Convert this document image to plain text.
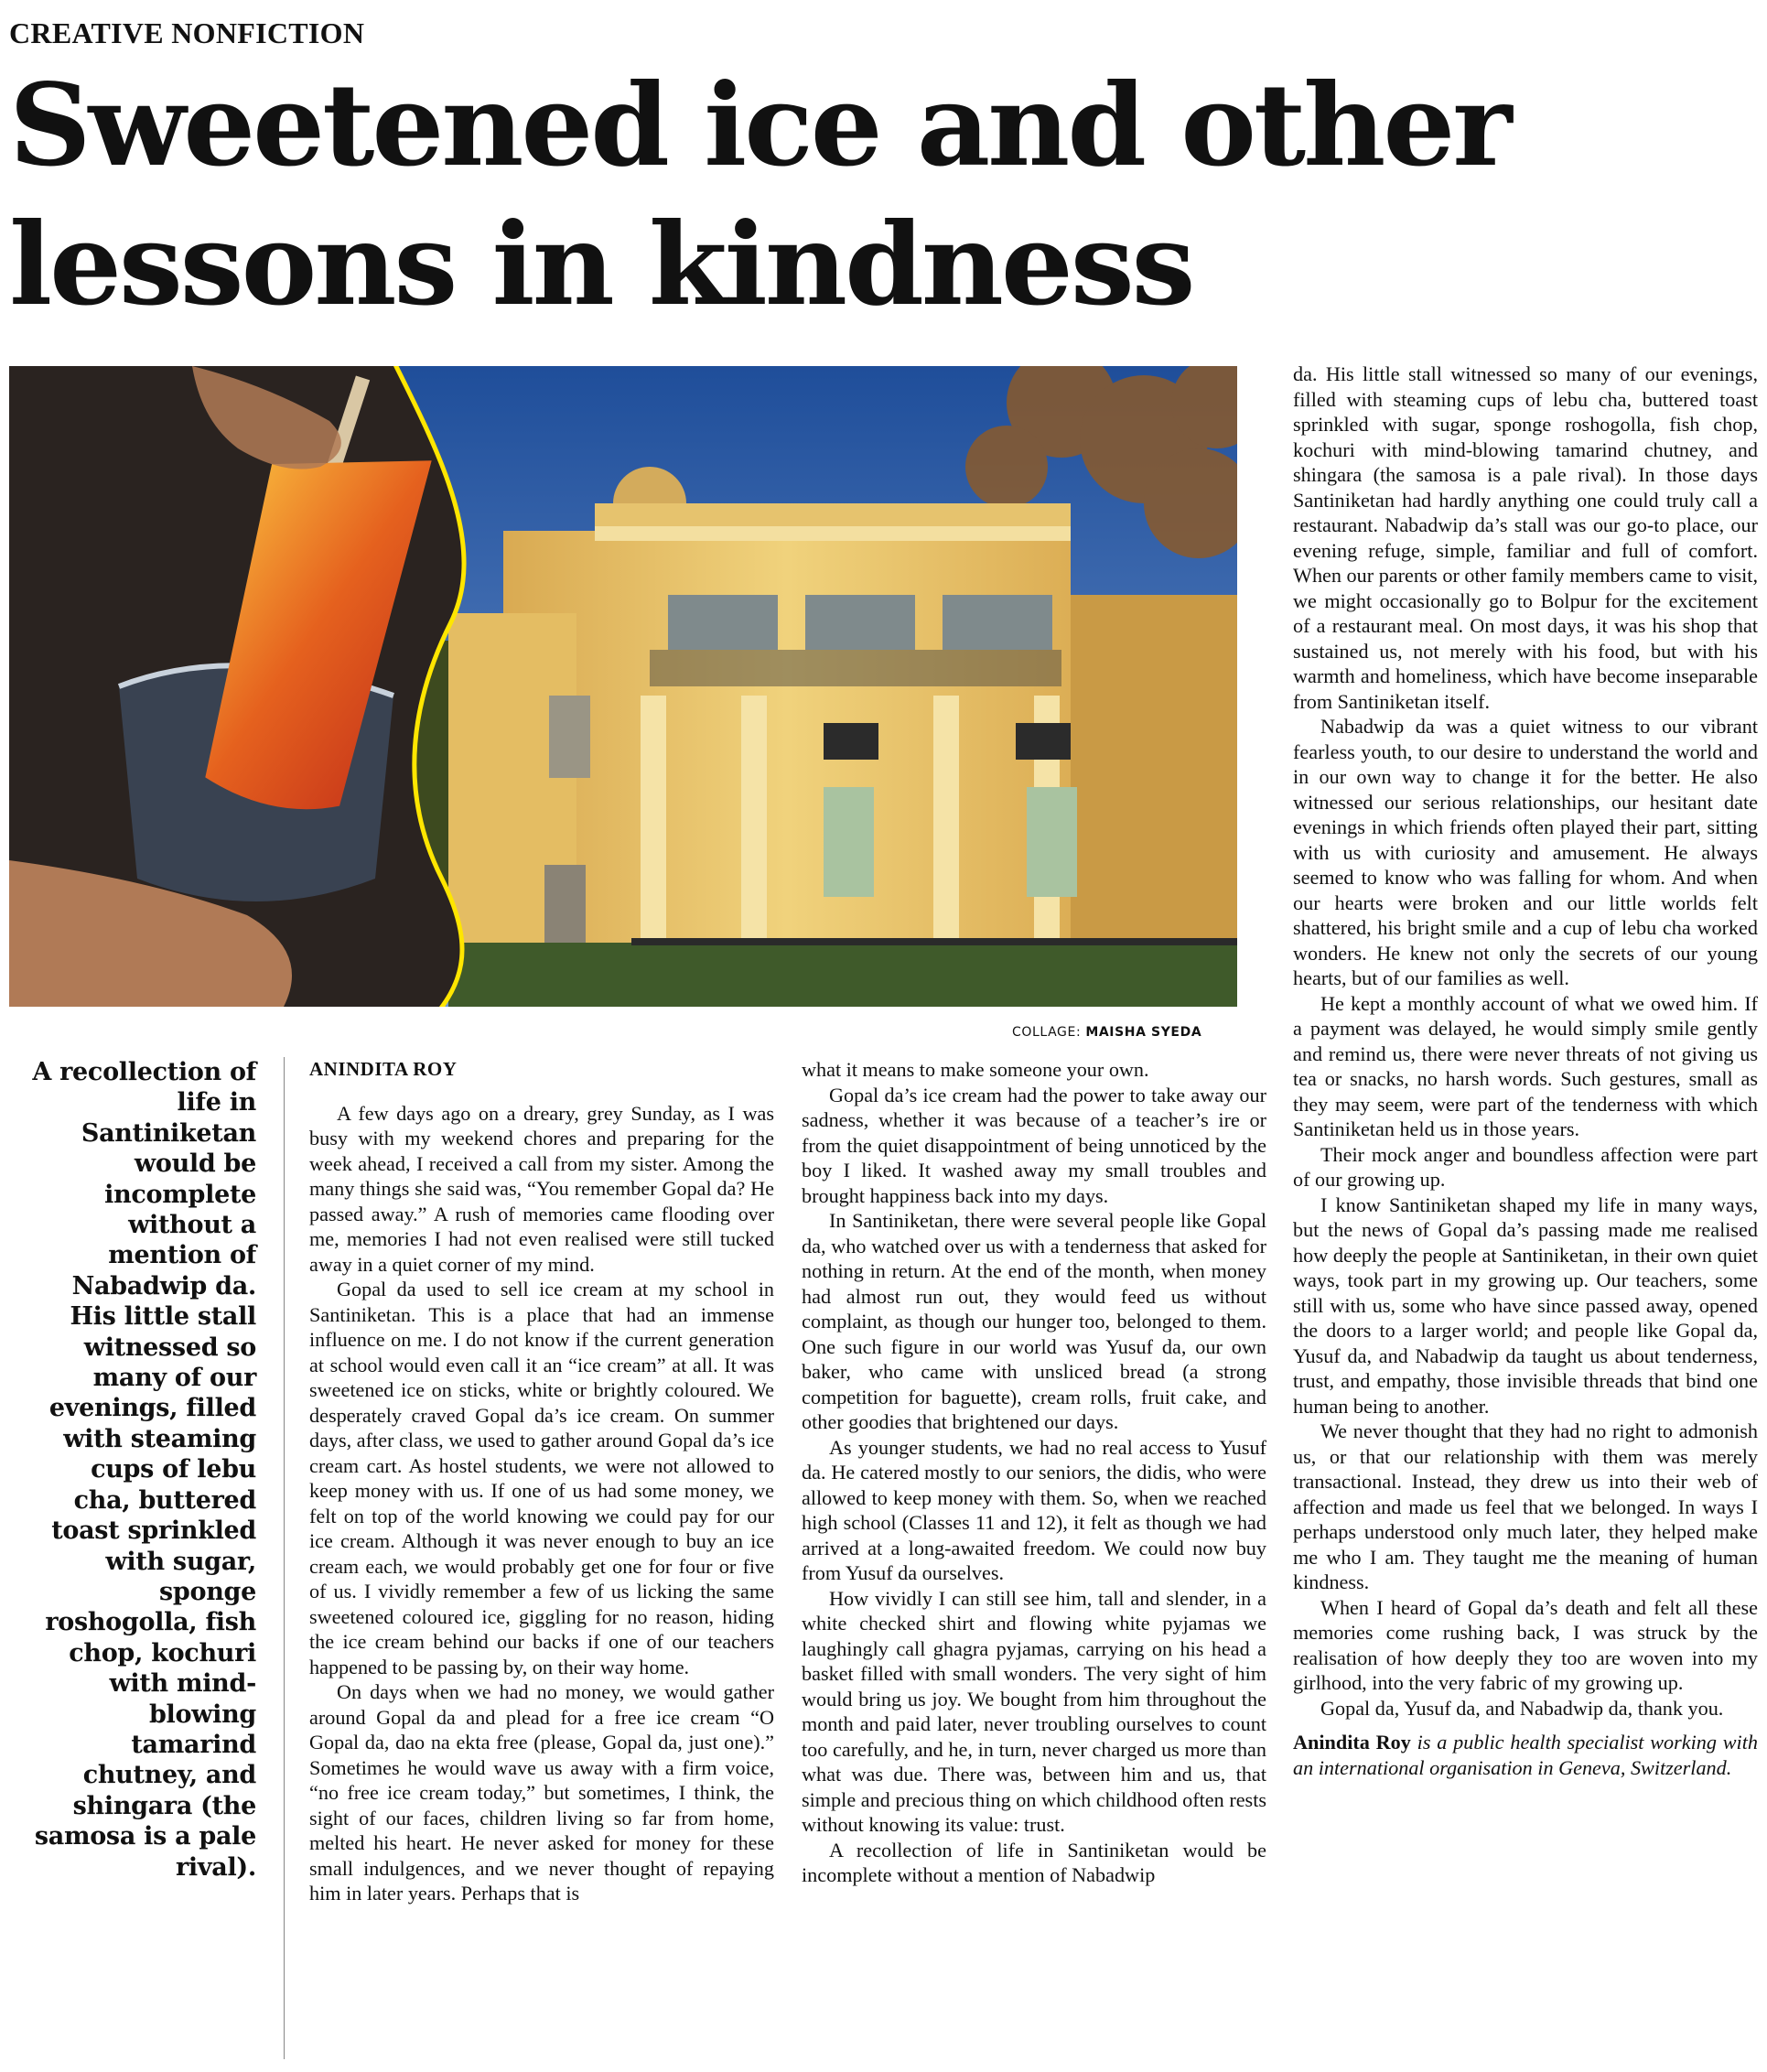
CREATIVE NONFICTION
Sweetened ice and other lessons in kindness
COLLAGE: MAISHA SYEDA
A recollection of life in Santiniketan would be incomplete without a mention of Nabadwip da. His little stall witnessed so many of our evenings, filled with steaming cups of lebu cha, buttered toast sprinkled with sugar, sponge roshogolla, fish chop, kochuri with mind-blowing tamarind chutney, and shingara (the samosa is a pale rival).
ANINDITA ROY

A few days ago on a dreary, grey Sunday, as I was busy with my weekend chores and preparing for the week ahead, I received a call from my sister. Among the many things she said was, “You remember Gopal da? He passed away.” A rush of memories came flooding over me, memories I had not even realised were still tucked away in a quiet corner of my mind.

Gopal da used to sell ice cream at my school in Santiniketan. This is a place that had an immense influence on me. I do not know if the current generation at school would even call it an “ice cream” at all. It was sweetened ice on sticks, white or brightly coloured. We desperately craved Gopal da’s ice cream. On summer days, after class, we used to gather around Gopal da’s ice cream cart. As hostel students, we were not allowed to keep money with us. If one of us had some money, we felt on top of the world knowing we could pay for our ice cream. Although it was never enough to buy an ice cream each, we would probably get one for four or five of us. I vividly remember a few of us licking the same sweetened coloured ice, giggling for no reason, hiding the ice cream behind our backs if one of our teachers happened to be passing by, on their way home.

On days when we had no money, we would gather around Gopal da and plead for a free ice cream “O Gopal da, dao na ekta free (please, Gopal da, just one).” Sometimes he would wave us away with a firm voice, “no free ice cream today,” but sometimes, I think, the sight of our faces, children living so far from home, melted his heart. He never asked for money for these small indulgences, and we never thought of repaying him in later years. Perhaps that is

what it means to make someone your own.

Gopal da’s ice cream had the power to take away our sadness, whether it was because of a teacher’s ire or from the quiet disappointment of being unnoticed by the boy I liked. It washed away my small troubles and brought happiness back into my days.

In Santiniketan, there were several people like Gopal da, who watched over us with a tenderness that asked for nothing in return. At the end of the month, when money had almost run out, they would feed us without complaint, as though our hunger too, belonged to them. One such figure in our world was Yusuf da, our own baker, who came with unsliced bread (a strong competition for baguette), cream rolls, fruit cake, and other goodies that brightened our days.

As younger students, we had no real access to Yusuf da. He catered mostly to our seniors, the didis, who were allowed to keep money with them. So, when we reached high school (Classes 11 and 12), it felt as though we had arrived at a long-awaited freedom. We could now buy from Yusuf da ourselves.

How vividly I can still see him, tall and slender, in a white checked shirt and flowing white pyjamas we laughingly call ghagra pyjamas, carrying on his head a basket filled with small wonders. The very sight of him would bring us joy. We bought from him throughout the month and paid later, never troubling ourselves to count too carefully, and he, in turn, never charged us more than what was due. There was, between him and us, that simple and precious thing on which childhood often rests without knowing its value: trust.

A recollection of life in Santiniketan would be incomplete without a mention of Nabadwip

da. His little stall witnessed so many of our evenings, filled with steaming cups of lebu cha, buttered toast sprinkled with sugar, sponge roshogolla, fish chop, kochuri with mind-blowing tamarind chutney, and shingara (the samosa is a pale rival). In those days Santiniketan had hardly anything one could truly call a restaurant. Nabadwip da’s stall was our go-to place, our evening refuge, simple, familiar and full of comfort. When our parents or other family members came to visit, we might occasionally go to Bolpur for the excitement of a restaurant meal. On most days, it was his shop that sustained us, not merely with his food, but with his warmth and homeliness, which have become inseparable from Santiniketan itself.

Nabadwip da was a quiet witness to our vibrant fearless youth, to our desire to understand the world and in our own way to change it for the better. He also witnessed our serious relationships, our hesitant date evenings in which friends often played their part, sitting with us with curiosity and amusement. He always seemed to know who was falling for whom. And when our hearts were broken and our little worlds felt shattered, his bright smile and a cup of lebu cha worked wonders. He knew not only the secrets of our young hearts, but of our families as well.

He kept a monthly account of what we owed him. If a payment was delayed, he would simply smile gently and remind us, there were never threats of not giving us tea or snacks, no harsh words. Such gestures, small as they may seem, were part of the tenderness with which Santiniketan held us in those years.

Their mock anger and boundless affection were part of our growing up.

I know Santiniketan shaped my life in many ways, but the news of Gopal da’s passing made me realised how deeply the people at Santiniketan, in their own quiet ways, took part in my growing up. Our teachers, some still with us, some who have since passed away, opened the doors to a larger world; and people like Gopal da, Yusuf da, and Nabadwip da taught us about tenderness, trust, and empathy, those invisible threads that bind one human being to another.

We never thought that they had no right to admonish us, or that our relationship with them was merely transactional. Instead, they drew us into their web of affection and made us feel that we belonged. In ways I perhaps understood only much later, they helped make me who I am. They taught me the meaning of human kindness.

When I heard of Gopal da’s death and felt all these memories come rushing back, I was struck by the realisation of how deeply they too are woven into my girlhood, into the very fabric of my growing up.

Gopal da, Yusuf da, and Nabadwip da, thank you.

Anindita Roy is a public health specialist working with an international organisation in Geneva, Switzerland.
